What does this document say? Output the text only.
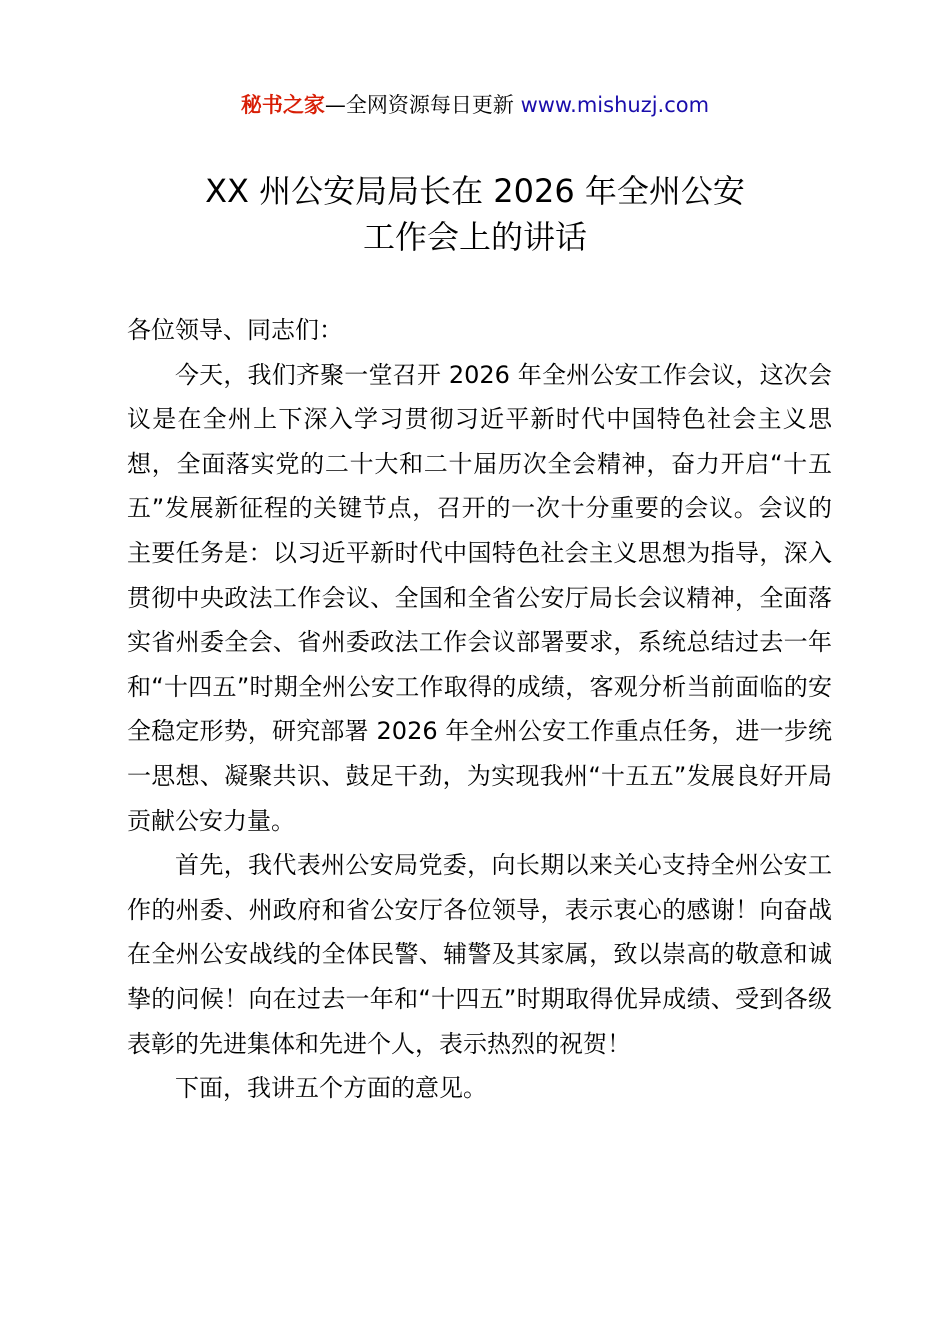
秘书之家—全网资源每日更新 www.mishuzj.com
XX 州公安局局长在 2026 年全州公安
工作会上的讲话

各位领导、同志们：

今天，我们齐聚一堂召开 2026 年全州公安工作会议，这次会议是在全州上下深入学习贯彻习近平新时代中国特色社会主义思想，全面落实党的二十大和二十届历次全会精神，奋力开启“十五五”发展新征程的关键节点，召开的一次十分重要的会议。会议的主要任务是：以习近平新时代中国特色社会主义思想为指导，深入贯彻中央政法工作会议、全国和全省公安厅局长会议精神，全面落实省州委全会、省州委政法工作会议部署要求，系统总结过去一年和“十四五”时期全州公安工作取得的成绩，客观分析当前面临的安全稳定形势，研究部署 2026 年全州公安工作重点任务，进一步统一思想、凝聚共识、鼓足干劲，为实现我州“十五五”发展良好开局贡献公安力量。

首先，我代表州公安局党委，向长期以来关心支持全州公安工作的州委、州政府和省公安厅各位领导，表示衷心的感谢！向奋战在全州公安战线的全体民警、辅警及其家属，致以崇高的敬意和诚挚的问候！向在过去一年和“十四五”时期取得优异成绩、受到各级表彰的先进集体和先进个人，表示热烈的祝贺！

下面，我讲五个方面的意见。
